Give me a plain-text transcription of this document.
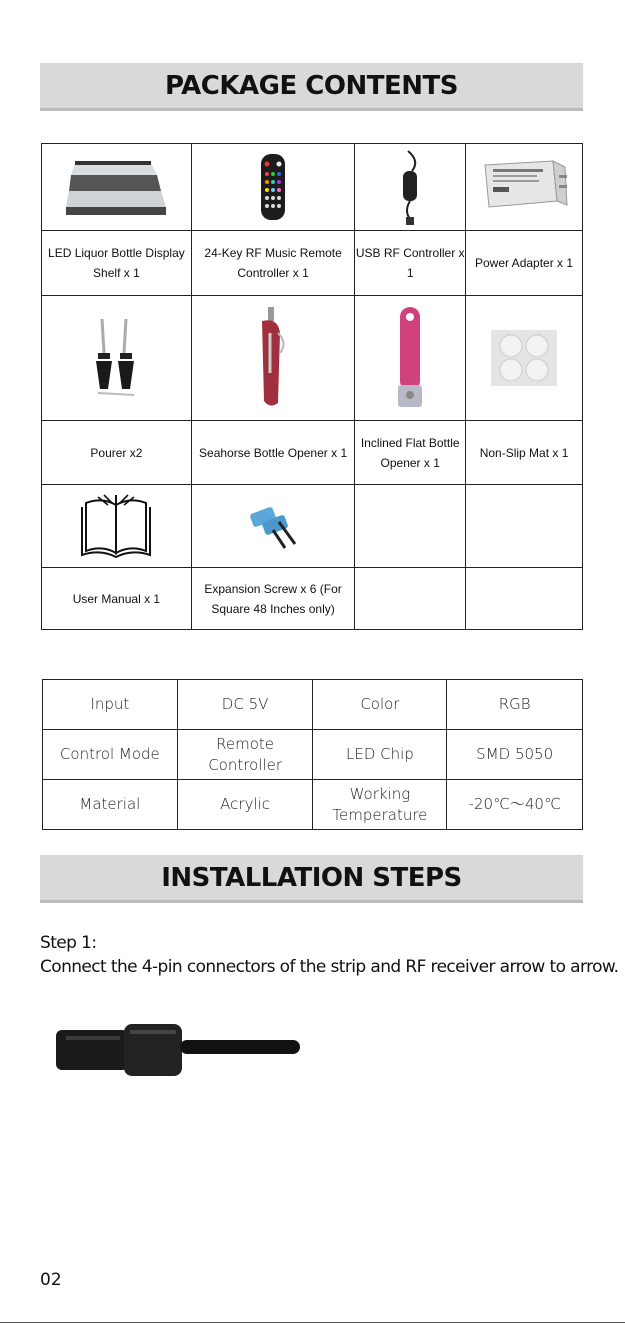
PACKAGE CONTENTS

LED Liquor Bottle Display Shelf x 1	24-Key RF Music Remote Controller x 1	USB RF Controller x 1	Power Adapter x 1

Pourer x2	Seahorse Bottle Opener x 1	Inclined Flat Bottle Opener x 1	Non-Slip Mat x 1

User Manual x 1	Expansion Screw x 6 (For Square 48 Inches only)		
Input	DC 5V	Color	RGB
Control Mode	Remote Controller	LED Chip	SMD 5050
Material	Acrylic	Working Temperature	-20℃～40℃
INSTALLATION STEPS
Step 1:
Connect the 4-pin connectors of the strip and RF receiver arrow to arrow.
02
